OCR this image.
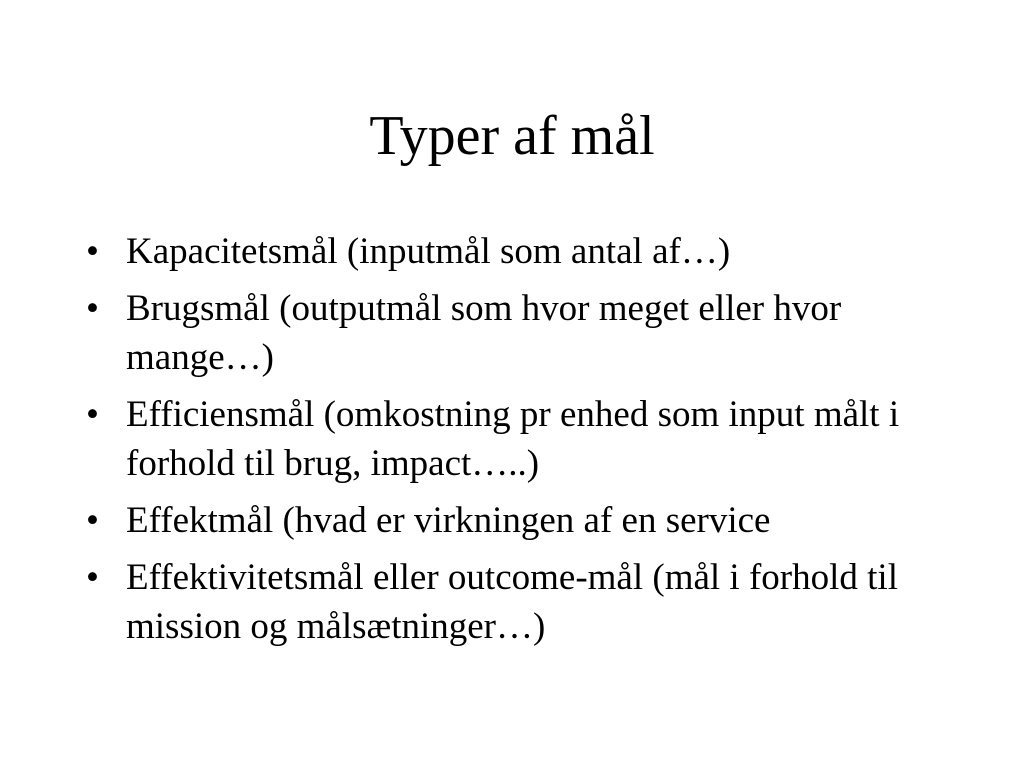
Typer af mål
• Kapacitetsmål (inputmål som antal af…)
• Brugsmål (outputmål som hvor meget eller hvor mange…)
• Efficiensmål (omkostning pr enhed som input målt i forhold til brug, impact…..)
• Effektmål (hvad er virkningen af en service
• Effektivitetsmål eller outcome-mål (mål i forhold til mission og målsætninger…)
